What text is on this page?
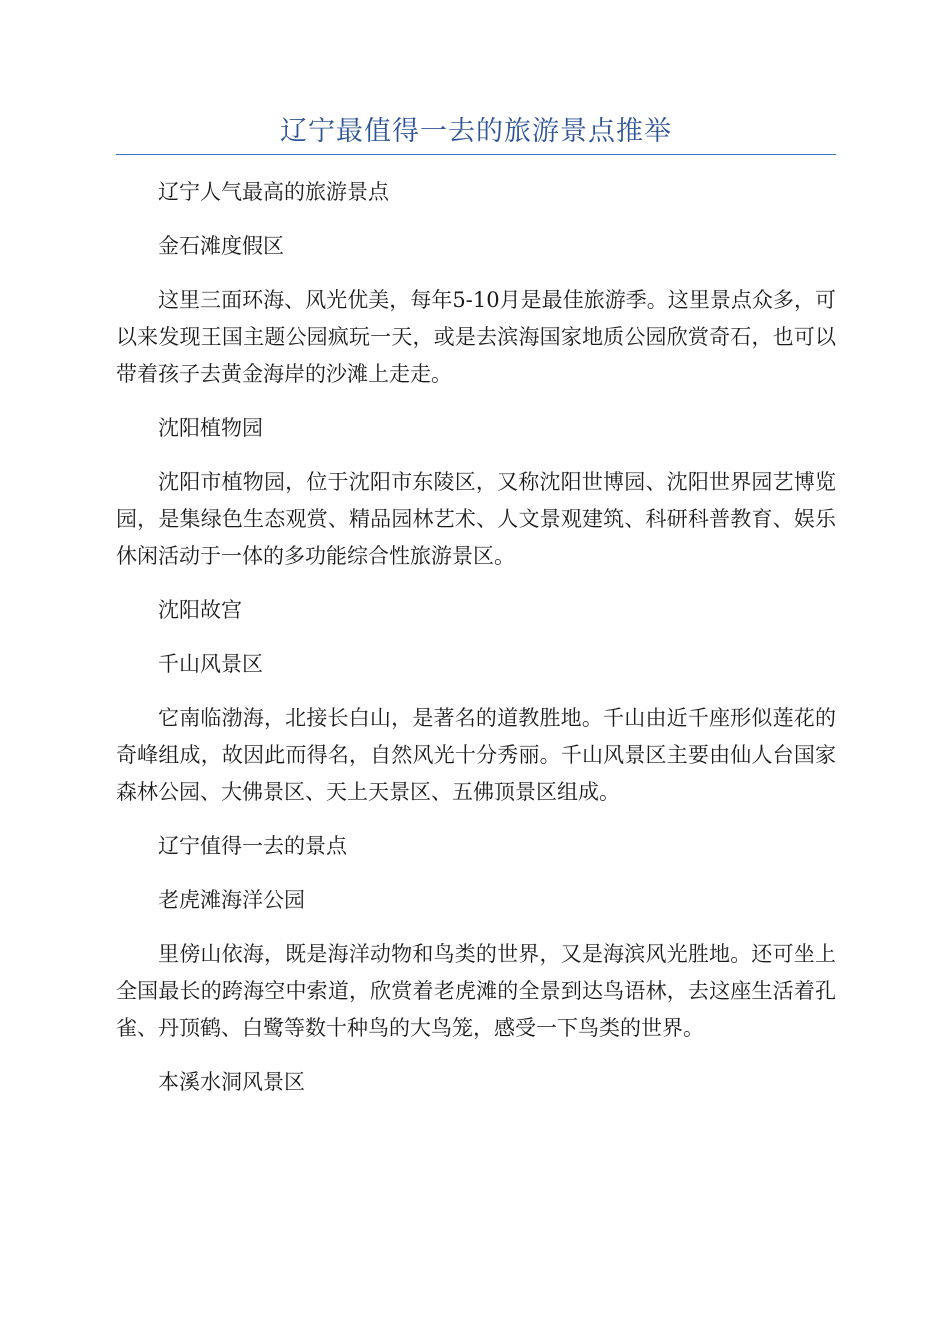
辽宁最值得一去的旅游景点推举

辽宁人气最高的旅游景点

金石滩度假区

这里三面环海、风光优美，每年5-10月是最佳旅游季。这里景点众多，可以来发现王国主题公园疯玩一天，或是去滨海国家地质公园欣赏奇石，也可以带着孩子去黄金海岸的沙滩上走走。

沈阳植物园

沈阳市植物园，位于沈阳市东陵区，又称沈阳世博园、沈阳世界园艺博览园，是集绿色生态观赏、精品园林艺术、人文景观建筑、科研科普教育、娱乐休闲活动于一体的多功能综合性旅游景区。

沈阳故宫

千山风景区

它南临渤海，北接长白山，是著名的道教胜地。千山由近千座形似莲花的奇峰组成，故因此而得名，自然风光十分秀丽。千山风景区主要由仙人台国家森林公园、大佛景区、天上天景区、五佛顶景区组成。

辽宁值得一去的景点

老虎滩海洋公园

里傍山依海，既是海洋动物和鸟类的世界，又是海滨风光胜地。还可坐上全国最长的跨海空中索道，欣赏着老虎滩的全景到达鸟语林，去这座生活着孔雀、丹顶鹤、白鹭等数十种鸟的大鸟笼，感受一下鸟类的世界。

本溪水洞风景区
